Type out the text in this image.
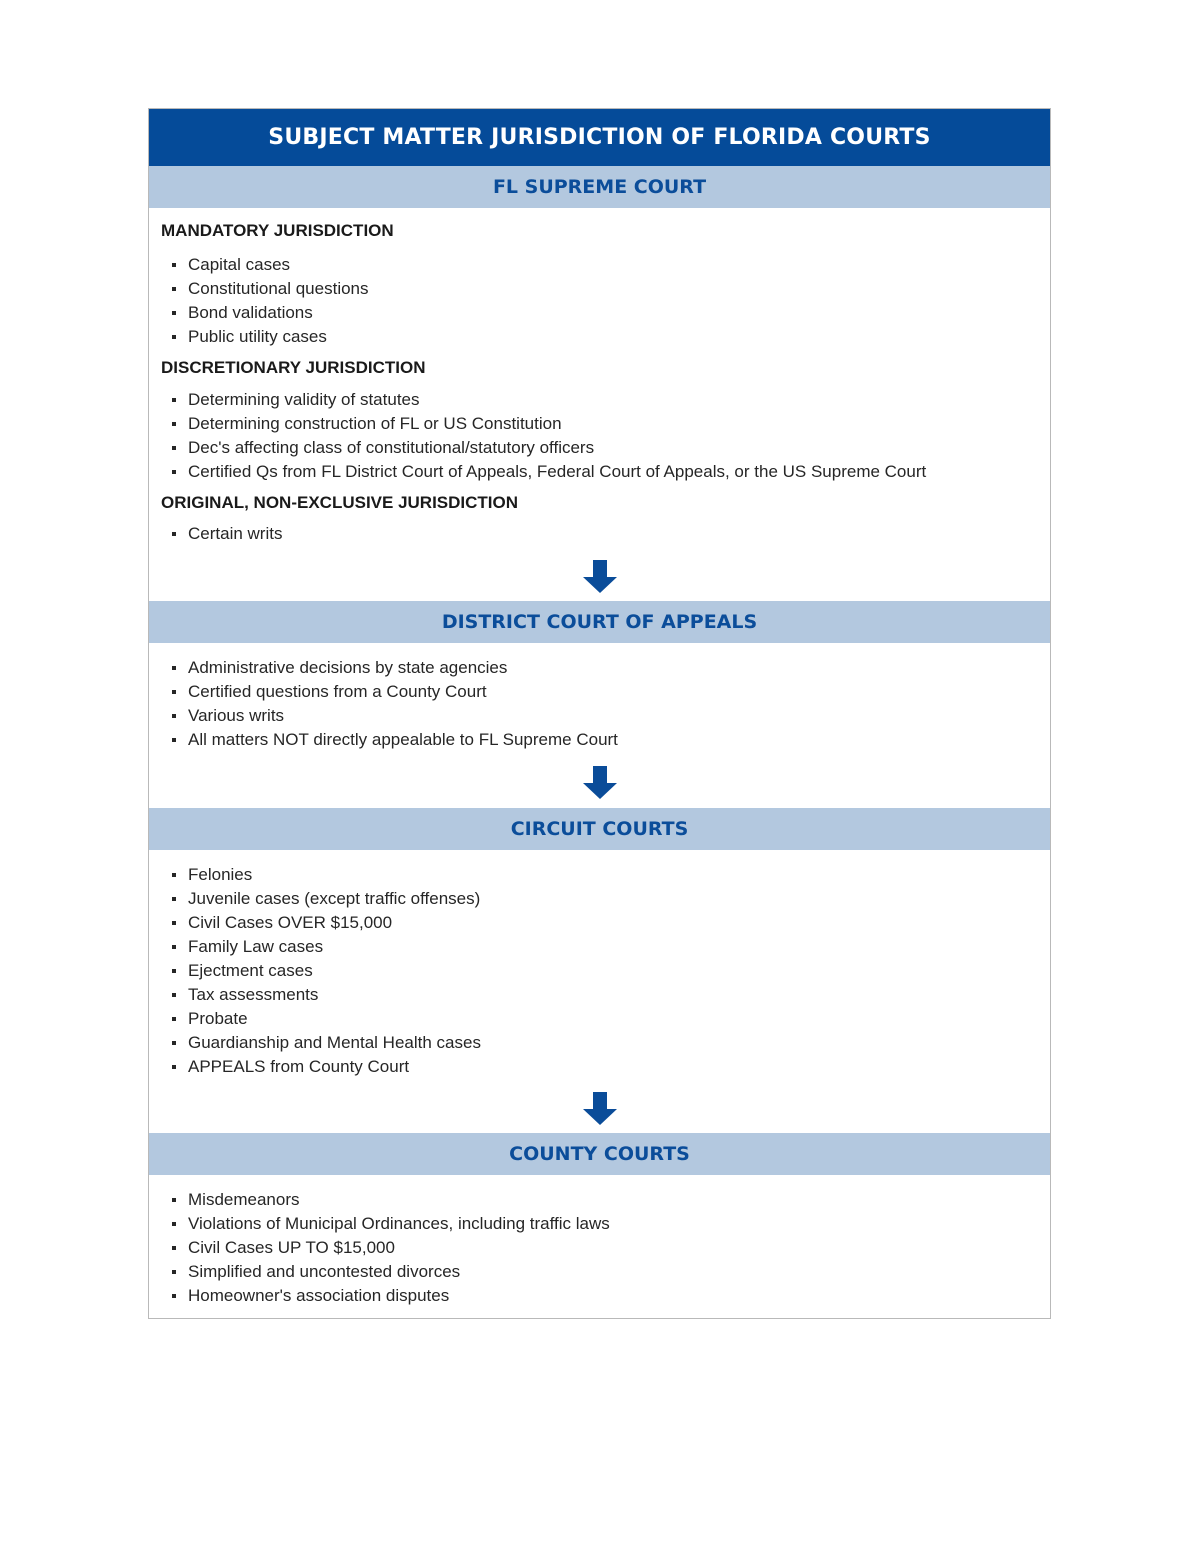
SUBJECT MATTER JURISDICTION OF FLORIDA COURTS
FL SUPREME COURT
MANDATORY JURISDICTION
Capital cases
Constitutional questions
Bond validations
Public utility cases
DISCRETIONARY JURISDICTION
Determining validity of statutes
Determining construction of FL or US Constitution
Dec's affecting class of constitutional/statutory officers
Certified Qs from FL District Court of Appeals, Federal Court of Appeals, or the US Supreme Court
ORIGINAL, NON-EXCLUSIVE JURISDICTION
Certain writs
DISTRICT COURT OF APPEALS
Administrative decisions by state agencies
Certified questions from a County Court
Various writs
All matters NOT directly appealable to FL Supreme Court
CIRCUIT COURTS
Felonies
Juvenile cases (except traffic offenses)
Civil Cases OVER $15,000
Family Law cases
Ejectment cases
Tax assessments
Probate
Guardianship and Mental Health cases
APPEALS from County Court
COUNTY COURTS
Misdemeanors
Violations of Municipal Ordinances, including traffic laws
Civil Cases UP TO $15,000
Simplified and uncontested divorces
Homeowner's association disputes
